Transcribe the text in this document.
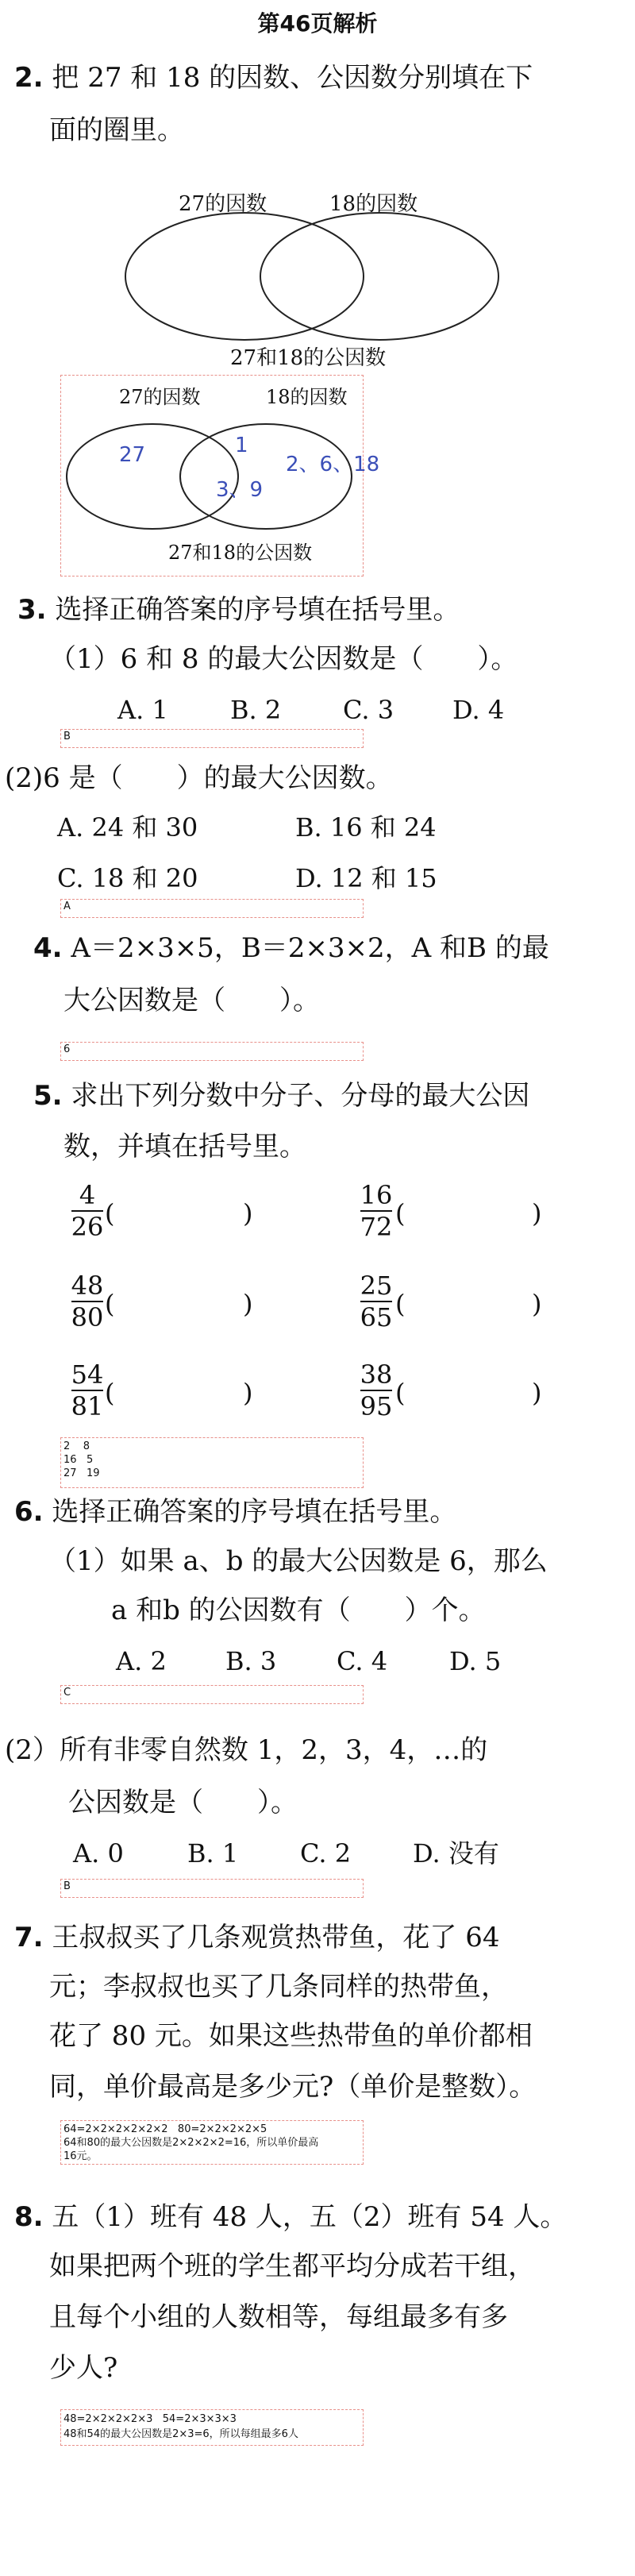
第46页解析
2. 把 27 和 18 的因数、公因数分别填在下
面的圈里。
27的因数	18的因数
27和18的公因数
27的因数	18的因数
27	1
3、9
2、6、18
27和18的公因数
3. 选择正确答案的序号填在括号里。
（1）6 和 8 的最大公因数是（　　）。
A. 1 B. 2 C. 3 D. 4
B
(2)6 是（　　）的最大公因数。
A. 24 和 30	B. 16 和 24
C. 18 和 20	D. 12 和 15
A
4. A＝2×3×5，B＝2×3×2，A 和B 的最
大公因数是（　　）。
6
5. 求出下列分数中分子、分母的最大公因
数，并填在括号里。
4
26 (	)
16
72 (	)
48
80 (	)
25
65 (	)
54
81 (	)
38
95 (	)
2    8
16   5
27   19
6. 选择正确答案的序号填在括号里。
（1）如果 a、b 的最大公因数是 6，那么
a 和b 的公因数有（　　）个。
A. 2 B. 3 C. 4 D. 5
C
(2）所有非零自然数 1，2，3，4，…的
公因数是（　　）。
A. 0	B. 1 C. 2 D. 没有
B
7. 王叔叔买了几条观赏热带鱼，花了 64
元；李叔叔也买了几条同样的热带鱼，
花了 80 元。如果这些热带鱼的单价都相
同，单价最高是多少元?（单价是整数）。
64=2×2×2×2×2×2   80=2×2×2×2×5
64和80的最大公因数是2×2×2×2=16，所以单价最高
16元。
8. 五（1）班有 48 人，五（2）班有 54 人。
如果把两个班的学生都平均分成若干组，
且每个小组的人数相等，每组最多有多
少人?
48=2×2×2×2×3   54=2×3×3×3
48和54的最大公因数是2×3=6，所以每组最多6人
